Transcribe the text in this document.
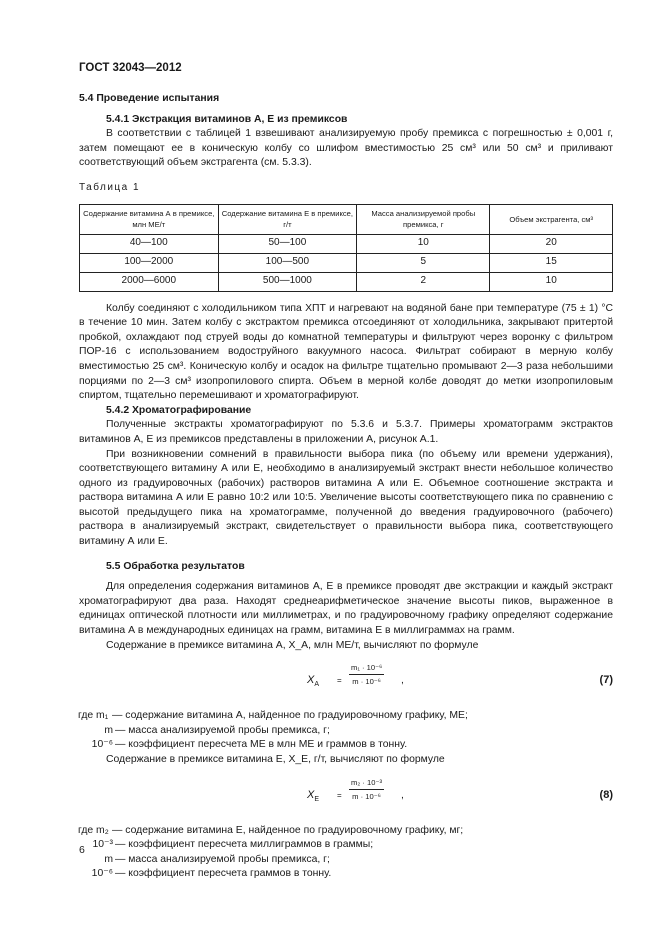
ГОСТ 32043—2012

5.4 Проведение испытания

5.4.1 Экстракция витаминов А, Е из премиксов

В соответствии с таблицей 1 взвешивают анализируемую пробу премикса с погрешностью ± 0,001 г, затем помещают ее в коническую колбу со шлифом вместимостью 25 см³ или 50 см³ и приливают соответствующий объем экстрагента (см. 5.3.3).

Таблица 1
Содержание витамина А в премиксе, млн МЕ/т	Содержание витамина Е в премиксе, г/т	Масса анализируемой пробы премикса, г	Объем экстрагента, см³
40—100	50—100	10	20
100—2000	100—500	5	15
2000—6000	500—1000	2	10

Колбу соединяют с холодильником типа ХПТ и нагревают на водяной бане при температуре (75 ± 1) °С в течение 10 мин. Затем колбу с экстрактом премикса отсоединяют от холодильника, закрывают притертой пробкой, охлаждают под струей воды до комнатной температуры и фильтруют через воронку с фильтром ПОР-16 с использованием водоструйного вакуумного насоса. Фильтрат собирают в мерную колбу вместимостью 25 см³. Коническую колбу и осадок на фильтре тщательно промывают 2—3 раза небольшими порциями по 2—3 см³ изопропилового спирта. Объем в мерной колбе доводят до метки изопропиловым спиртом, тщательно перемешивают и хроматографируют.

5.4.2 Хроматографирование

Полученные экстракты хроматографируют по 5.3.6 и 5.3.7. Примеры хроматограмм экстрактов витаминов А, Е из премиксов представлены в приложении А, рисунок А.1.

При возникновении сомнений в правильности выбора пика (по объему или времени удержания), соответствующего витамину А или Е, необходимо в анализируемый экстракт внести небольшое количество одного из градуировочных (рабочих) растворов витамина А или Е. Объемное соотношение экстракта и раствора витамина А или Е равно 10:2 или 10:5. Увеличение высоты соответствующего пика по сравнению с высотой предыдущего пика на хроматограмме, полученной до введения градуировочного (рабочего) раствора в анализируемый экстракт, свидетельствует о правильности выбора пика, соответствующего витамину А или Е.

5.5 Обработка результатов

Для определения содержания витаминов А, Е в премиксе проводят две экстракции и каждый экстракт хроматографируют два раза. Находят среднеарифметическое значение высоты пиков, выраженное в единицах оптической плотности или миллиметрах, и по градуировочному графику определяют содержание витамина А в международных единицах на грамм, витамина Е в миллиграммах на грамм.

Содержание в премиксе витамина А, X_A, млн МЕ/т, вычисляют по формуле

$X_A = \frac{\text{m₁ · 10⁻⁶}}{\text{m · 10⁻⁶}}$ ,	(7)
где m₁ — содержание витамина А, найденное по градуировочному графику, МЕ;
m — масса анализируемой пробы премикса, г;
10⁻⁶ — коэффициент пересчета МЕ в млн МЕ и граммов в тонну.

Содержание в премиксе витамина Е, X_E, г/т, вычисляют по формуле

$X_E = \frac{\text{m₂ · 10⁻³}}{\text{m · 10⁻⁶}}$ ,	(8)
где m₂ — содержание витамина Е, найденное по градуировочному графику, мг;
10⁻³ — коэффициент пересчета миллиграммов в граммы;
m — масса анализируемой пробы премикса, г;
10⁻⁶ — коэффициент пересчета граммов в тонну.
6
